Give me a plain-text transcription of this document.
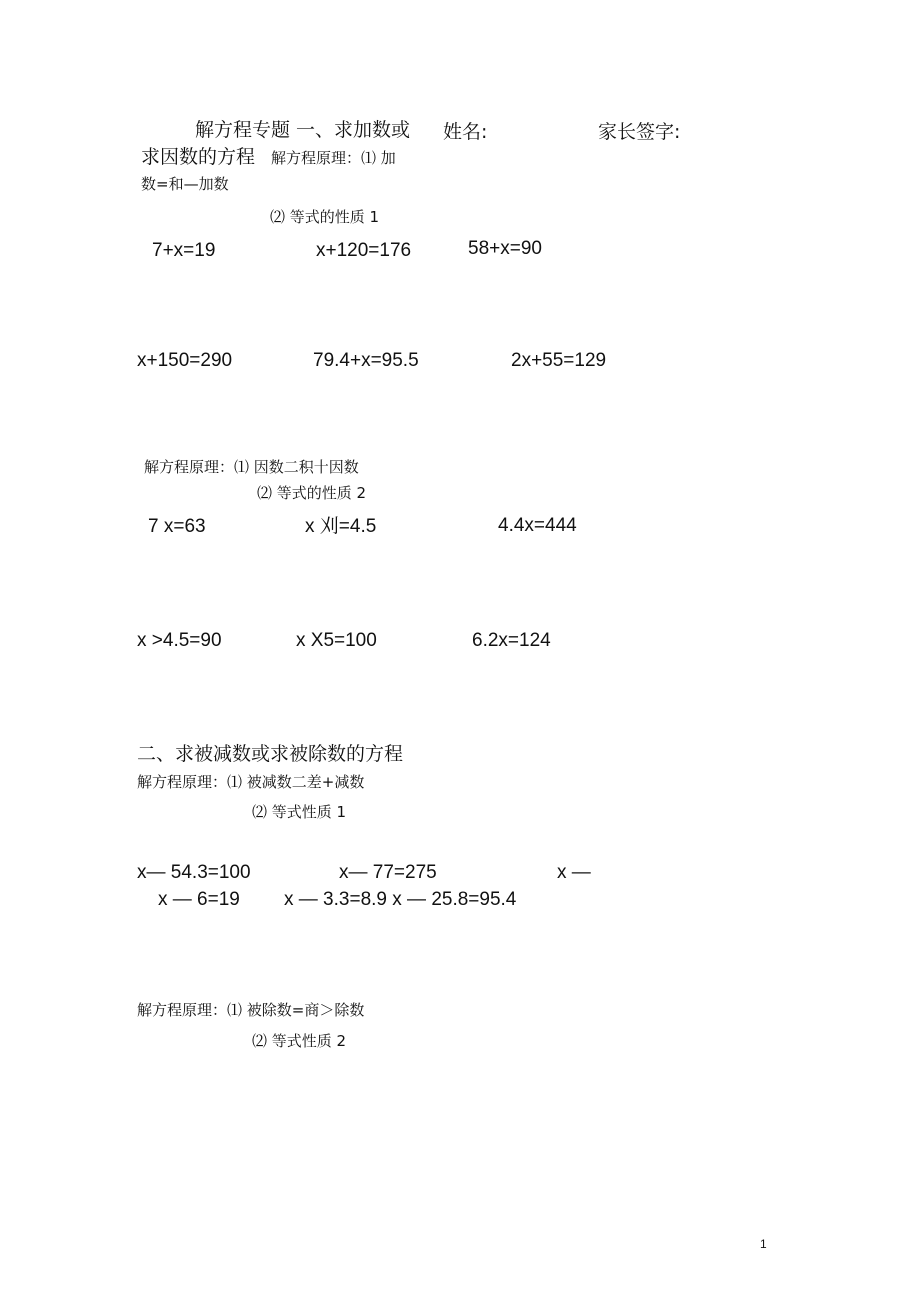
解方程专题 一、求加数或 姓名:	家长签字:
求因数的方程 解方程原理：⑴ 加
数=和—加数
⑵ 等式的性质 1
7+x=19	x+120=176	58+x=90
x+150=290	79.4+x=95.5	2x+55=129
解方程原理：⑴ 因数二积十因数
⑵ 等式的性质 2
7 x=63	x 刈=4.5	4.4x=444
x >4.5=90	x X5=100	6.2x=124
二、求被减数或求被除数的方程
解方程原理：⑴ 被减数二差+减数
⑵ 等式性质 1
x— 54.3=100	x— 77=275	x —
x — 6=19 x — 3.3=8.9 x — 25.8=95.4
解方程原理：⑴ 被除数=商＞除数
⑵ 等式性质 2
1
